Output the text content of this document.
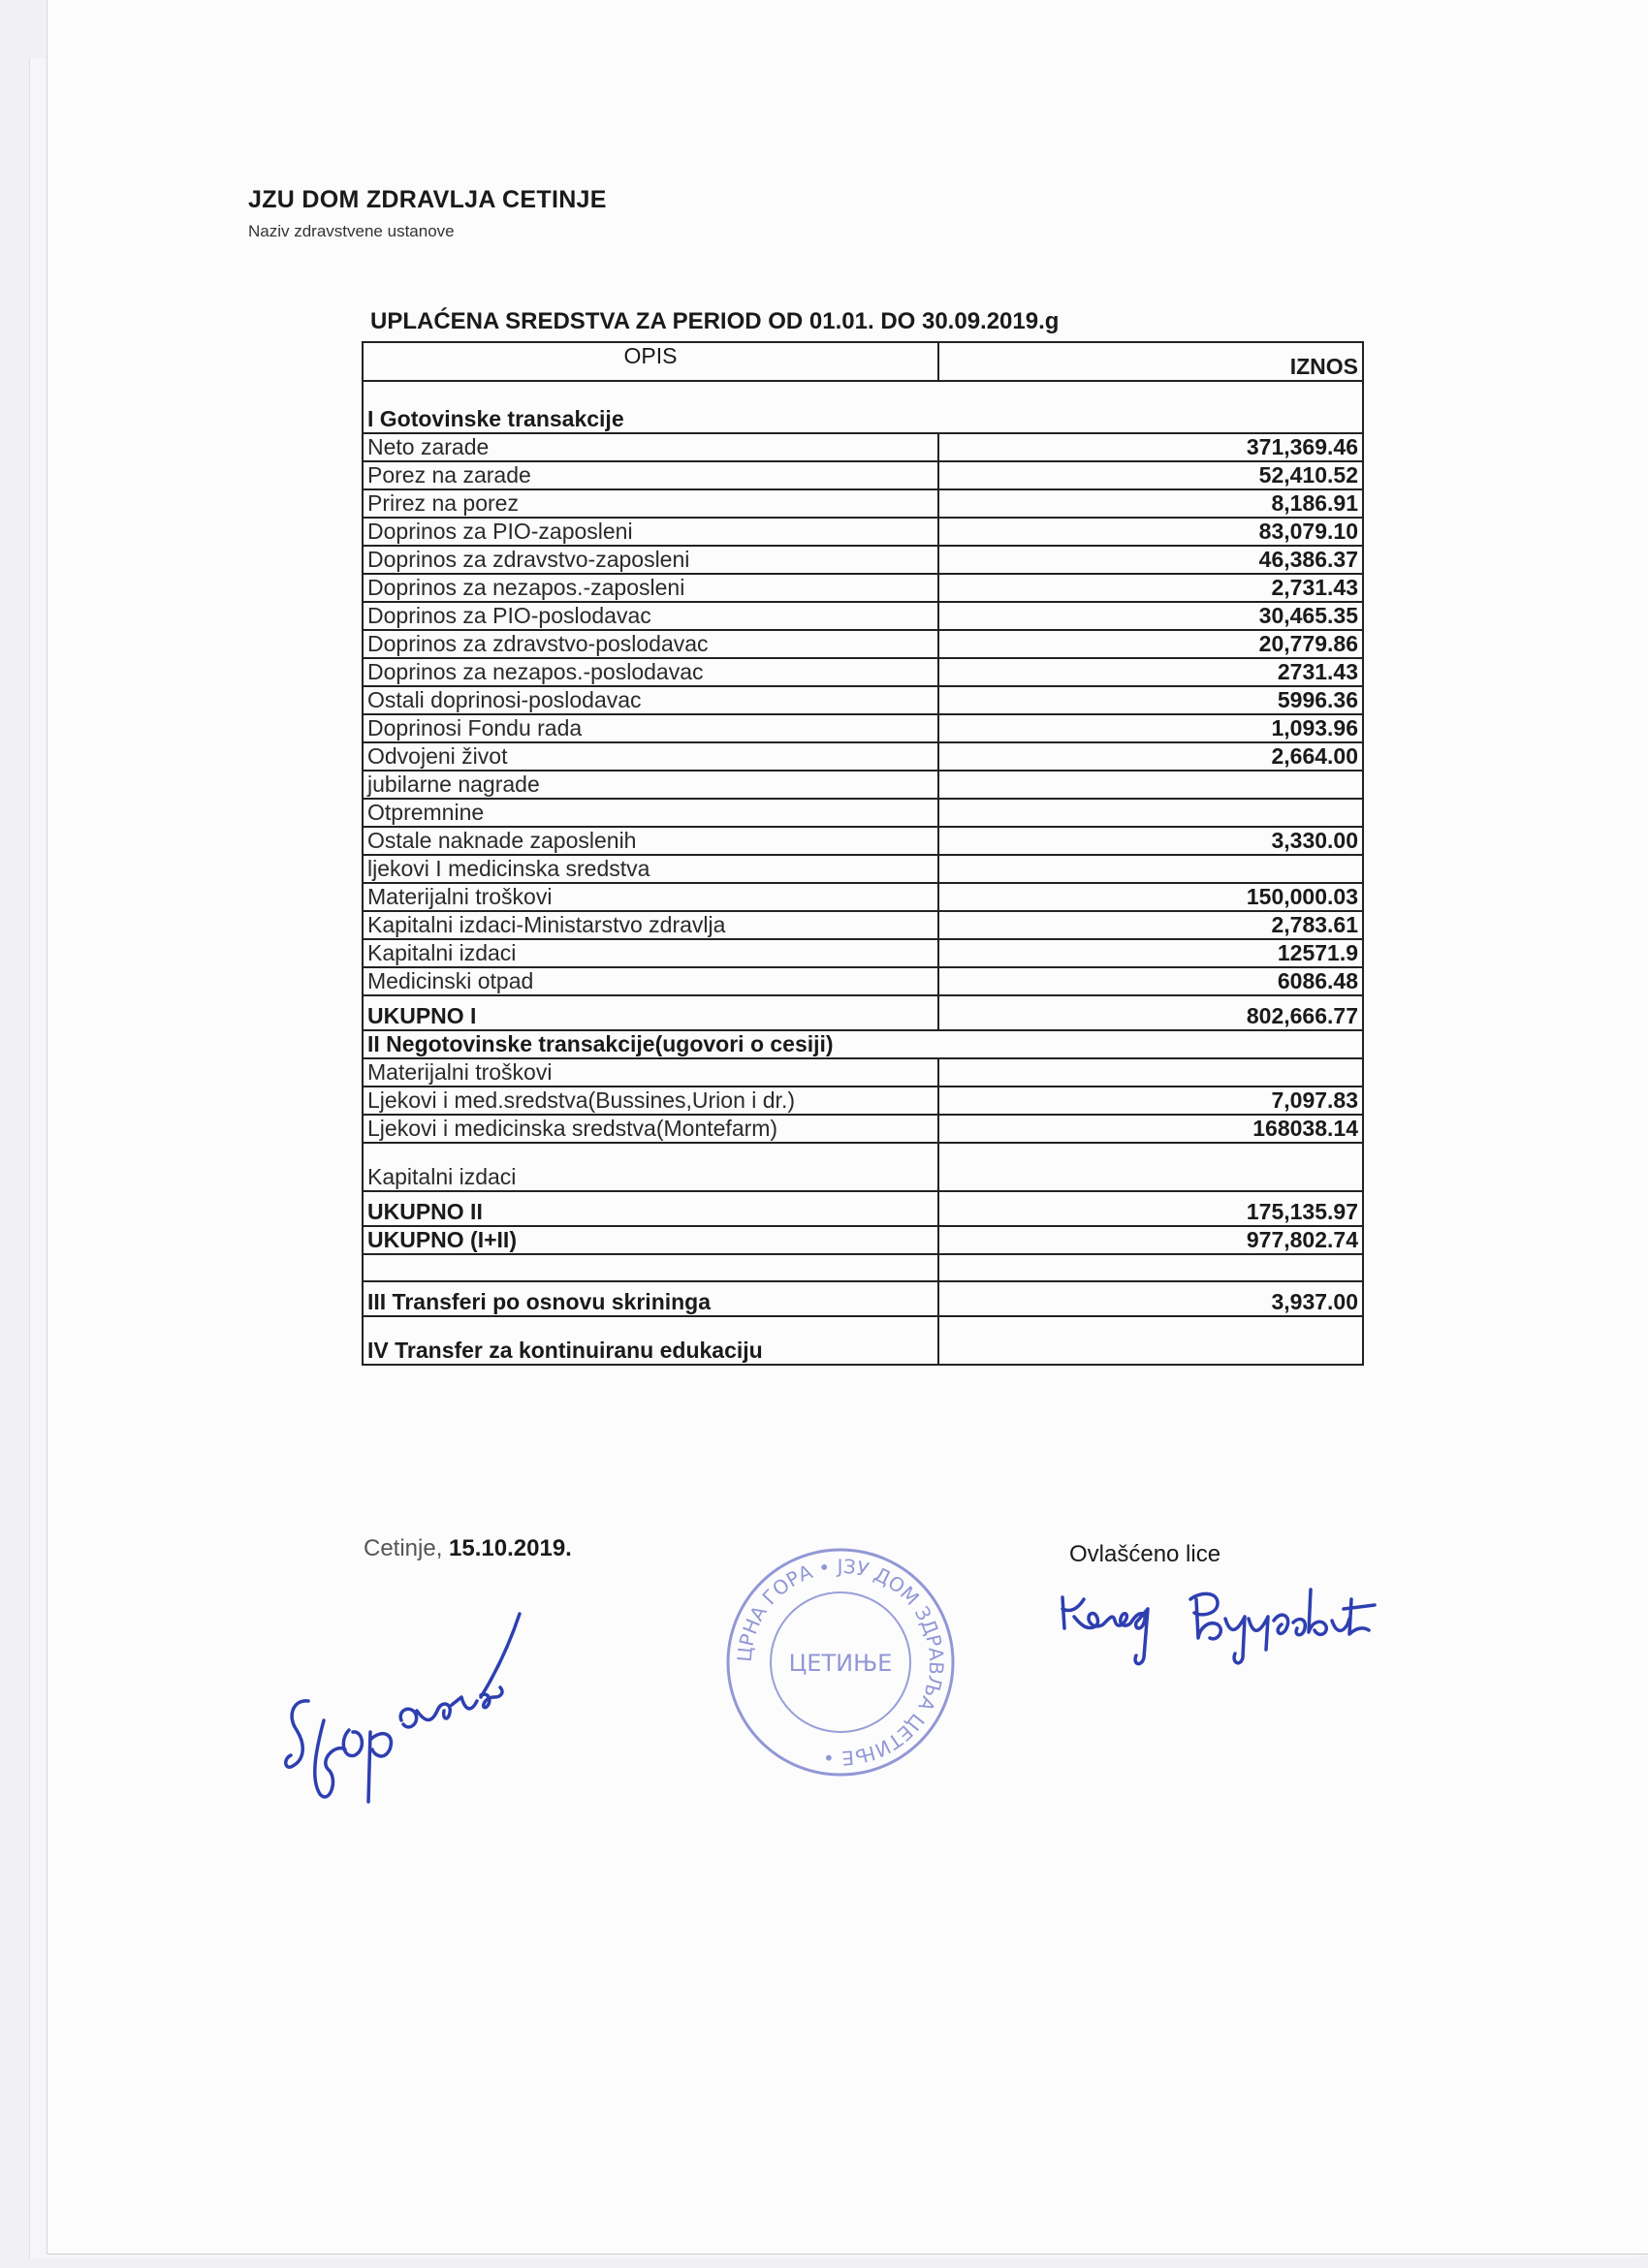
JZU DOM ZDRAVLJA CETINJE
Naziv zdravstvene ustanove
UPLAĆENA SREDSTVA ZA PERIOD OD 01.01. DO 30.09.2019.g
OPIS	IZNOS
I Gotovinske transakcije	
Neto zarade	371,369.46
Porez na zarade	52,410.52
Prirez na porez	8,186.91
Doprinos za PIO-zaposleni	83,079.10
Doprinos za zdravstvo-zaposleni	46,386.37
Doprinos za nezapos.-zaposleni	2,731.43
Doprinos za PIO-poslodavac	30,465.35
Doprinos za zdravstvo-poslodavac	20,779.86
Doprinos za nezapos.-poslodavac	2731.43
Ostali doprinosi-poslodavac	5996.36
Doprinosi Fondu rada	1,093.96
Odvojeni život	2,664.00
jubilarne nagrade	
Otpremnine	
Ostale naknade zaposlenih	3,330.00
ljekovi I medicinska sredstva	
Materijalni troškovi	150,000.03
Kapitalni izdaci-Ministarstvo zdravlja	2,783.61
Kapitalni izdaci	12571.9
Medicinski otpad	6086.48
UKUPNO I	802,666.77
II Negotovinske transakcije(ugovori o cesiji)	
Materijalni troškovi	
Ljekovi i med.sredstva(Bussines,Urion i dr.)	7,097.83
Ljekovi i medicinska sredstva(Montefarm)	168038.14
Kapitalni izdaci	
UKUPNO II	175,135.97
UKUPNO (I+II)	977,802.74

III Transferi po osnovu skrininga	3,937.00
IV Transfer za kontinuiranu edukaciju	
Cetinje, 15.10.2019.	Ovlašćeno lice
ЦРНА ГОРА • ЈЗУ ДОМ ЗДРАВЉА ЦЕТИЊЕ •
ЦЕТИЊЕ
